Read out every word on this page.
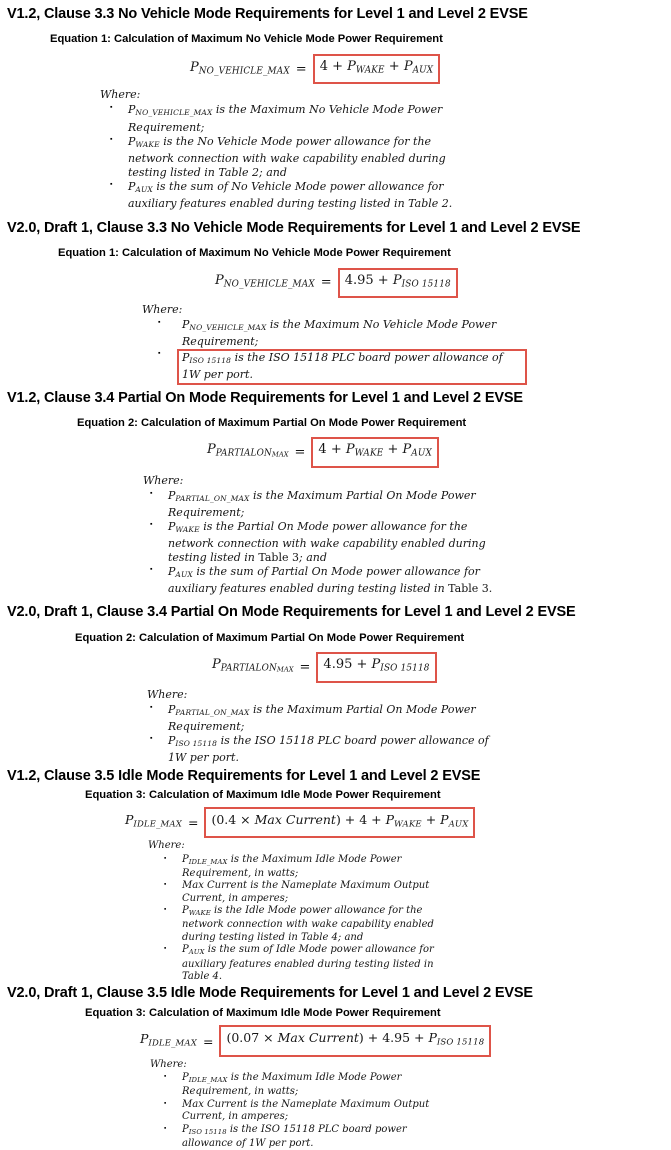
V1.2, Clause 3.3 No Vehicle Mode Requirements for Level 1 and Level 2 EVSE
Equation 1: Calculation of Maximum No Vehicle Mode Power Requirement
PNO_VEHICLE_MAX =	4 + PWAKE + PAUX
Where:
▪	PNO_VEHICLE_MAX is the Maximum No Vehicle Mode Power Requirement;
▪	PWAKE is the No Vehicle Mode power allowance for the network connection with wake capability enabled during testing listed in Table 2; and
▪	PAUX is the sum of No Vehicle Mode power allowance for auxiliary features enabled during testing listed in Table 2.
V2.0, Draft 1, Clause 3.3 No Vehicle Mode Requirements for Level 1 and Level 2 EVSE
Equation 1: Calculation of Maximum No Vehicle Mode Power Requirement
PNO_VEHICLE_MAX =	4.95 + PISO 15118
Where:
▪	PNO_VEHICLE_MAX is the Maximum No Vehicle Mode Power Requirement;
▪	PISO 15118 is the ISO 15118 PLC board power allowance of 1W per port.
V1.2, Clause 3.4 Partial On Mode Requirements for Level 1 and Level 2 EVSE
Equation 2: Calculation of Maximum Partial On Mode Power Requirement
$PPARTIALON_{MAX}$ =	4 + PWAKE + PAUX
Where:
▪	PPARTIAL_ON_MAX is the Maximum Partial On Mode Power Requirement;
▪	PWAKE is the Partial On Mode power allowance for the network connection with wake capability enabled during testing listed in Table 3; and
▪	PAUX is the sum of Partial On Mode power allowance for auxiliary features enabled during testing listed in Table 3.
V2.0, Draft 1, Clause 3.4 Partial On Mode Requirements for Level 1 and Level 2 EVSE
Equation 2: Calculation of Maximum Partial On Mode Power Requirement
$PPARTIALON_{MAX}$ =	4.95 + PISO 15118
Where:
▪	PPARTIAL_ON_MAX is the Maximum Partial On Mode Power Requirement;
▪	PISO 15118 is the ISO 15118 PLC board power allowance of 1W per port.
V1.2, Clause 3.5 Idle Mode Requirements for Level 1 and Level 2 EVSE
Equation 3: Calculation of Maximum Idle Mode Power Requirement
PIDLE_MAX =	(0.4 × Max Current) + 4 + PWAKE + PAUX
Where:
▪	PIDLE_MAX is the Maximum Idle Mode Power Requirement, in watts;
▪	Max Current is the Nameplate Maximum Output Current, in amperes;
▪	PWAKE is the Idle Mode power allowance for the network connection with wake capability enabled during testing listed in Table 4; and
▪	PAUX is the sum of Idle Mode power allowance for auxiliary features enabled during testing listed in Table 4.
V2.0, Draft 1, Clause 3.5 Idle Mode Requirements for Level 1 and Level 2 EVSE
Equation 3: Calculation of Maximum Idle Mode Power Requirement
PIDLE_MAX =	(0.07 × Max Current) + 4.95 + PISO 15118
Where:
▪	PIDLE_MAX is the Maximum Idle Mode Power Requirement, in watts;
▪	Max Current is the Nameplate Maximum Output Current, in amperes;
▪	PISO 15118 is the ISO 15118 PLC board power allowance of 1W per port.
